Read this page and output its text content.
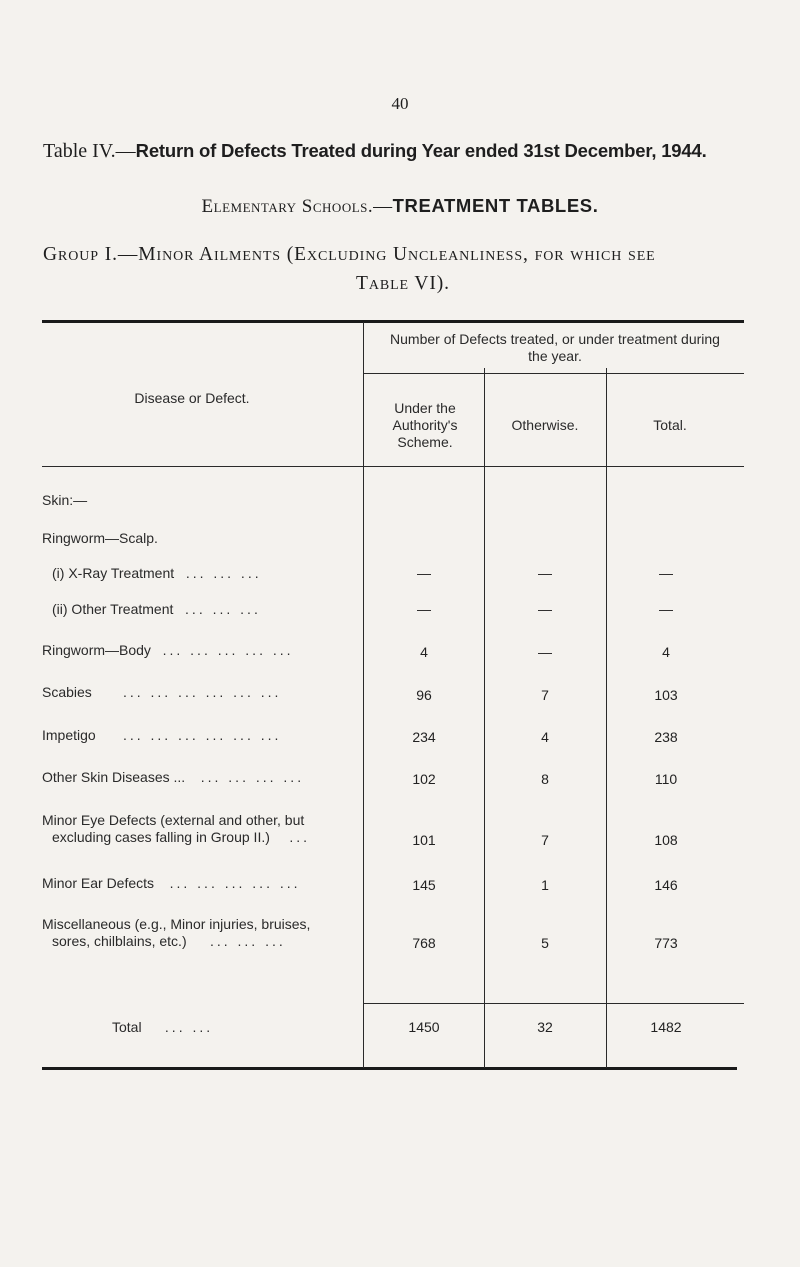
40
Table IV.—Return of Defects Treated during Year ended 31st December, 1944.
Elementary Schools.—TREATMENT TABLES.
Group I.—Minor Ailments (Excluding Uncleanliness, for which see
Table VI).
Disease or Defect.
Number of Defects treated, or under treatment during the year.
Under the
Authority's
Scheme.
Otherwise.	Total.
Skin:—
Ringworm—Scalp.
(i) X-Ray Treatment ... ... ...	—	—	—
(ii) Other Treatment ... ... ...	—	—	—
Ringworm—Body ... ... ... ... ...	4	—	4
Scabies ... ... ... ... ... ...	96	7	103
Impetigo ... ... ... ... ... ...	234	4	238
Other Skin Diseases ... ... ... ... ...	102	8	110
Minor Eye Defects (external and other, but
excluding cases falling in Group II.) ...	101	7	108
Minor Ear Defects ... ... ... ... ...	145	1	146
Miscellaneous (e.g., Minor injuries, bruises,
sores, chilblains, etc.) ... ... ...	768	5	773
Total ... ...	1450	32	1482
